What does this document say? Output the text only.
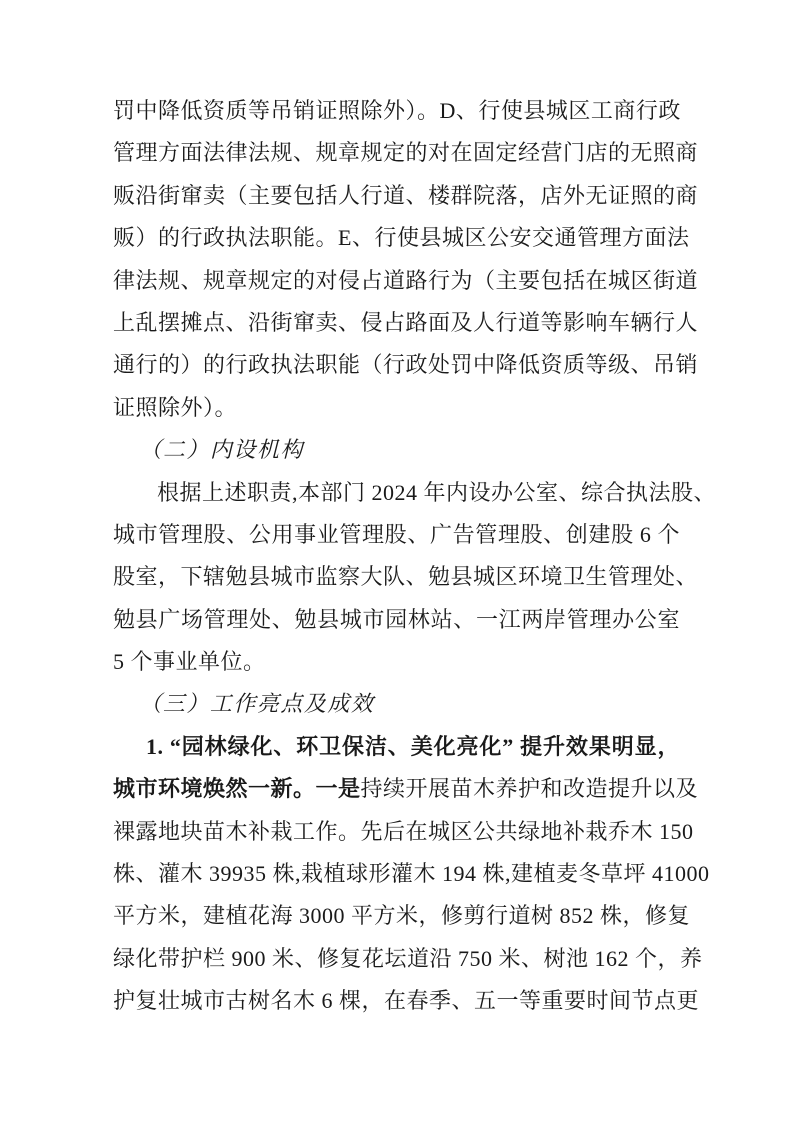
罚中降低资质等吊销证照除外）。D、行使县城区工商行政
管理方面法律法规、规章规定的对在固定经营门店的无照商
贩沿街窜卖（主要包括人行道、楼群院落，店外无证照的商
贩）的行政执法职能。E、行使县城区公安交通管理方面法
律法规、规章规定的对侵占道路行为（主要包括在城区街道
上乱摆摊点、沿街窜卖、侵占路面及人行道等影响车辆行人
通行的）的行政执法职能（行政处罚中降低资质等级、吊销
证照除外）。
（二）内设机构
根据上述职责,本部门 2024 年内设办公室、综合执法股、
城市管理股、公用事业管理股、广告管理股、创建股 6 个
股室，下辖勉县城市监察大队、勉县城区环境卫生管理处、
勉县广场管理处、勉县城市园林站、一江两岸管理办公室
5 个事业单位。
（三）工作亮点及成效
1. “园林绿化、环卫保洁、美化亮化” 提升效果明显，
城市环境焕然一新。一是持续开展苗木养护和改造提升以及
裸露地块苗木补栽工作。先后在城区公共绿地补栽乔木 150
株、灌木 39935 株,栽植球形灌木 194 株,建植麦冬草坪 41000
平方米，建植花海 3000 平方米，修剪行道树 852 株，修复
绿化带护栏 900 米、修复花坛道沿 750 米、树池 162 个，养
护复壮城市古树名木 6 棵，在春季、五一等重要时间节点更
